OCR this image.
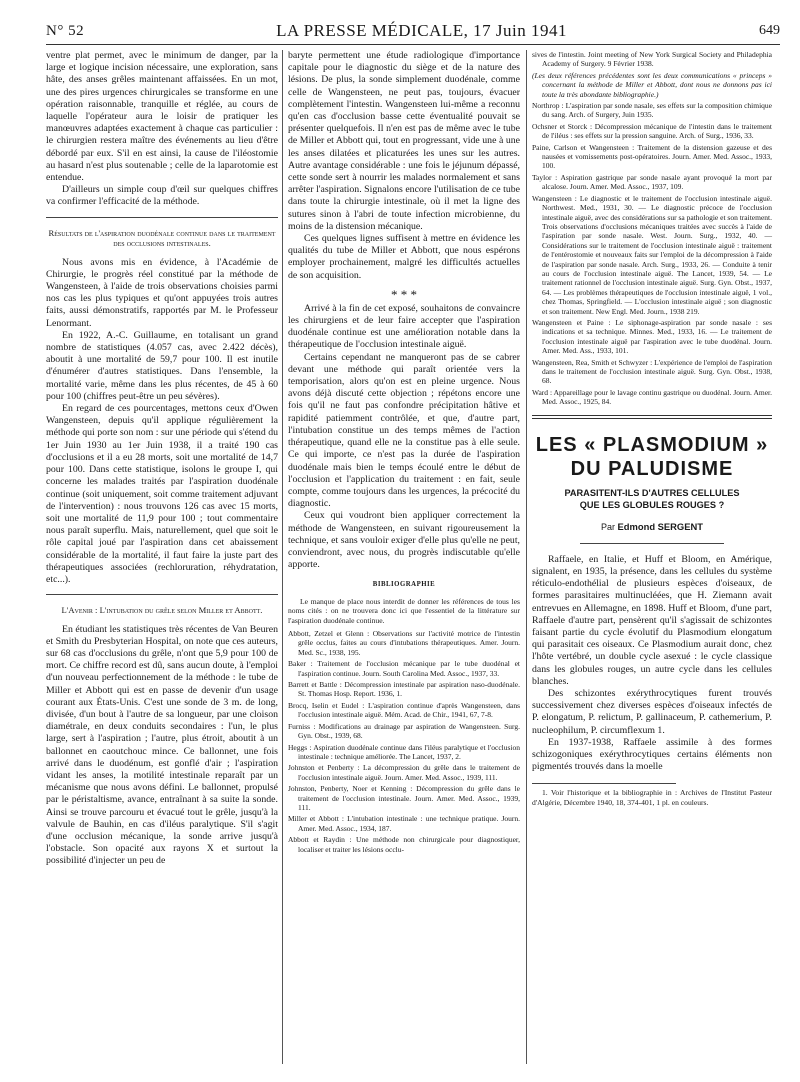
N° 52	LA PRESSE MÉDICALE, 17 Juin 1941	649

ventre plat permet, avec le minimum de danger, par la large et logique incision nécessaire, une exploration, sans hâte, des anses grêles maintenant affaissées. En un mot, une des pires urgences chirurgicales se transforme en une opération raisonnable, tranquille et réglée, au cours de laquelle l'opérateur aura le loisir de pratiquer les manœuvres adaptées exactement à chaque cas particulier : le chirurgien restera maître des événements au lieu d'être débordé par eux. S'il en est ainsi, la cause de l'iléostomie au hasard n'est plus soutenable ; celle de la laparotomie est entendue.

D'ailleurs un simple coup d'œil sur quelques chiffres va confirmer l'efficacité de la méthode.

Résultats de l'aspiration duodénale continue dans le traitement des occlusions intestinales.

Nous avons mis en évidence, à l'Académie de Chirurgie, le progrès réel constitué par la méthode de Wangensteen, à l'aide de trois observations choisies parmi nos cas les plus typiques et qu'ont appuyées trois autres faits, aussi démonstratifs, rapportés par M. le Professeur Lenormant.

En 1922, A.-C. Guillaume, en totalisant un grand nombre de statistiques (4.057 cas, avec 2.422 décès), aboutit à une mortalité de 59,7 pour 100. Il est inutile d'énumérer d'autres statistiques. Dans l'ensemble, la mortalité varie, même dans les plus récentes, de 45 à 60 pour 100 (chiffres peut-être un peu sévères).

En regard de ces pourcentages, mettons ceux d'Owen Wangensteen, depuis qu'il applique régulièrement la méthode qui porte son nom : sur une période qui s'étend du 1er Juin 1930 au 1er Juin 1938, il a traité 190 cas d'occlusions et il a eu 28 morts, soit une mortalité de 14,7 pour 100. Dans cette statistique, isolons le groupe I, qui concerne les malades traités par l'aspiration duodénale continue (soit uniquement, soit comme traitement adjuvant de l'intervention) : nous trouvons 126 cas avec 15 morts, soit une mortalité de 11,9 pour 100 ; tout commentaire nous paraît superflu. Mais, naturellement, quel que soit le rôle capital joué par l'aspiration dans cet abaissement considérable de la mortalité, il faut faire la juste part des thérapeutiques associées (rechloruration, réhydratation, etc...).

L'Avenir : L'intubation du grêle selon Miller et Abbott.

En étudiant les statistiques très récentes de Van Beuren et Smith du Presbyterian Hospital, on note que ces auteurs, sur 68 cas d'occlusions du grêle, n'ont que 5,9 pour 100 de mort. Ce chiffre record est dû, sans aucun doute, à l'emploi d'un nouveau perfectionnement de la méthode : le tube de Miller et Abbott qui est en passe de devenir d'un usage courant aux États-Unis. C'est une sonde de 3 m. de long, divisée, d'un bout à l'autre de sa longueur, par une cloison diamétrale, en deux conduits secondaires : l'un, le plus large, sert à l'aspiration ; l'autre, plus étroit, aboutit à un ballonnet en caoutchouc mince. Ce ballonnet, une fois arrivé dans le duodénum, est gonflé d'air ; l'aspiration vidant les anses, la motilité intestinale reparaît par un mécanisme que nous avons défini. Le ballonnet, propulsé par le péristaltisme, avance, entraînant à sa suite la sonde. Ainsi se trouve parcouru et évacué tout le grêle, jusqu'à la valvule de Bauhin, en cas d'iléus paralytique. S'il s'agit d'une occlusion mécanique, la sonde arrive jusqu'à l'obstacle. Son opacité aux rayons X et surtout la possibilité d'injecter un peu de

baryte permettent une étude radiologique d'importance capitale pour le diagnostic du siège et de la nature des lésions. De plus, la sonde simplement duodénale, comme celle de Wangensteen, ne peut pas, toujours, évacuer complètement l'intestin. Wangensteen lui-même a reconnu qu'en cas d'occlusion basse cette éventualité pouvait se présenter quelquefois. Il n'en est pas de même avec le tube de Miller et Abbott qui, tout en progressant, vide une à une les anses dilatées et plicaturées les unes sur les autres. Autre avantage considérable : une fois le jéjunum dépassé, cette sonde sert à nourrir les malades normalement et sans arrêter l'aspiration. Signalons encore l'utilisation de ce tube dans toute la chirurgie intestinale, où il met la ligne des sutures sinon à l'abri de toute infection microbienne, du moins de la distension mécanique.

Ces quelques lignes suffisent à mettre en évidence les qualités du tube de Miller et Abbott, que nous espérons employer prochainement, malgré les difficultés actuelles de son acquisition.

* * *

Arrivé à la fin de cet exposé, souhaitons de convaincre les chirurgiens et de leur faire accepter que l'aspiration duodénale continue est une amélioration notable dans la thérapeutique de l'occlusion intestinale aiguë.

Certains cependant ne manqueront pas de se cabrer devant une méthode qui paraît orientée vers la temporisation, alors qu'on est en pleine urgence. Nous avons déjà discuté cette objection ; répétons encore une fois qu'il ne faut pas confondre précipitation hâtive et rapidité patiemment contrôlée, et que, d'autre part, l'intubation constitue un des temps mêmes de l'action thérapeutique, quand elle ne la constitue pas à elle seule. Ce qui importe, ce n'est pas la durée de l'aspiration duodénale mais bien le temps écoulé entre le début de l'occlusion et l'application du traitement : en fait, seule compte, comme toujours dans les urgences, la précocité du diagnostic.

Ceux qui voudront bien appliquer correctement la méthode de Wangensteen, en suivant rigoureusement la technique, et sans vouloir exiger d'elle plus qu'elle ne peut, conviendront, avec nous, du progrès indiscutable qu'elle apporte.

BIBLIOGRAPHIE

Le manque de place nous interdit de donner les références de tous les noms cités : on ne trouvera donc ici que l'essentiel de la littérature sur l'aspiration duodénale continue.

Abbott, Zetzel et Glenn : Observations sur l'activité motrice de l'intestin grêle occlus, faites au cours d'intubations thérapeutiques. Amer. Journ. Med. Sc., 1938, 195.

Baker : Traitement de l'occlusion mécanique par le tube duodénal et l'aspiration continue. Journ. South Carolina Med. Assoc., 1937, 33.

Barrett et Battle : Décompression intestinale par aspiration naso-duodénale. St. Thomas Hosp. Report. 1936, 1.

Brocq, Iselin et Eudel : L'aspiration continue d'après Wangensteen, dans l'occlusion intestinale aiguë. Mém. Acad. de Chir., 1941, 67, 7-8.

Furniss : Modifications au drainage par aspiration de Wangensteen. Surg. Gyn. Obst., 1939, 68.

Heggs : Aspiration duodénale continue dans l'iléus paralytique et l'occlusion intestinale : technique améliorée. The Lancet, 1937, 2.

Johnston et Penberty : La décompression du grêle dans le traitement de l'occlusion intestinale aiguë. Journ. Amer. Med. Assoc., 1939, 111.

Johnston, Penberty, Noer et Kenning : Décompression du grêle dans le traitement de l'occlusion intestinale. Journ. Amer. Med. Assoc., 1939, 111.

Miller et Abbott : L'intubation intestinale : une technique pratique. Journ. Amer. Med. Assoc., 1934, 187.

Abbott et Raydin : Une méthode non chirurgicale pour diagnostiquer, localiser et traiter les lésions occlu-

sives de l'intestin. Joint meeting of New York Surgical Society and Philadephia Academy of Surgery. 9 Février 1938.

(Les deux références précédentes sont les deux communications « princeps » concernant la méthode de Miller et Abbott, dont nous ne donnons pas ici toute la très abondante bibliographie.)

Northrop : L'aspiration par sonde nasale, ses effets sur la composition chimique du sang. Arch. of Surgery, Juin 1935.

Ochsner et Storck : Décompression mécanique de l'intestin dans le traitement de l'iléus : ses effets sur la pression sanguine. Arch. of Surg., 1936, 33.

Paine, Carlson et Wangensteen : Traitement de la distension gazeuse et des nausées et vomissements post-opératoires. Journ. Amer. Med. Assoc., 1933, 100.

Taylor : Aspiration gastrique par sonde nasale ayant provoqué la mort par alcalose. Journ. Amer. Med. Assoc., 1937, 109.

Wangensteen : Le diagnostic et le traitement de l'occlusion intestinale aiguë. Northwest. Med., 1931, 30. — Le diagnostic précoce de l'occlusion intestinale aiguë, avec des considérations sur sa pathologie et son traitement. Trois observations d'occlusions mécaniques traitées avec succès à l'aide de l'aspiration par sonde nasale. West. Journ. Surg., 1932, 40. — Considérations sur le traitement de l'occlusion intestinale aiguë : traitement de l'entérostomie et nouveaux faits sur l'emploi de la décompression à l'aide de l'aspiration par sonde nasale. Arch. Surg., 1933, 26. — Conduite à tenir au cours de l'occlusion intestinale aiguë. The Lancet, 1939, 54. — Le traitement rationnel de l'occlusion intestinale aiguë. Surg. Gyn. Obst., 1937, 64. — Les problèmes thérapeutiques de l'occlusion intestinale aiguë, 1 vol., chez Thomas, Springfield. — L'occlusion intestinale aiguë ; son diagnostic et son traitement. New Engl. Med. Journ., 1938 219.

Wangensteen et Paine : Le siphonage-aspiration par sonde nasale : ses indications et sa technique. Minnes. Med., 1933, 16. — Le traitement de l'occlusion intestinale aiguë par l'aspiration avec le tube duodénal. Journ. Amer. Med. Ass., 1933, 101.

Wangensteen, Rea, Smith et Schwyzer : L'expérience de l'emploi de l'aspiration dans le traitement de l'occlusion intestinale aiguë. Surg. Gyn. Obst., 1938, 68.

Ward : Appareillage pour le lavage continu gastrique ou duodénal. Journ. Amer. Med. Assoc., 1925, 84.

LES « PLASMODIUM »
DU PALUDISME
PARASITENT-ILS D'AUTRES CELLULES
QUE LES GLOBULES ROUGES ?
Par Edmond SERGENT

Raffaele, en Italie, et Huff et Bloom, en Amérique, signalent, en 1935, la présence, dans les cellules du système réticulo-endothélial de plusieurs espèces d'oiseaux, de formes parasitaires multinucléées, que H. Ziemann avait entrevues en Allemagne, en 1898. Huff et Bloom, d'une part, Raffaele d'autre part, pensèrent qu'il s'agissait de schizontes faisant partie du cycle évolutif du Plasmodium elongatum qui parasitait ces oiseaux. Ce Plasmodium aurait donc, chez l'hôte vertébré, un double cycle asexué : le cycle classique dans les globules rouges, un autre cycle dans les cellules blanches.

Des schizontes exérythrocytiques furent trouvés successivement chez diverses espèces d'oiseaux infectés de P. elongatum, P. relictum, P. gallinaceum, P. cathemerium, P. nucleophilum, P. circumflexum 1.

En 1937-1938, Raffaele assimile à des formes schizogoniques exérythrocytiques certains éléments non pigmentés trouvés dans la moelle

1. Voir l'historique et la bibliographie in : Archives de l'Institut Pasteur d'Algérie, Décembre 1940, 18, 374-401, 1 pl. en couleurs.
